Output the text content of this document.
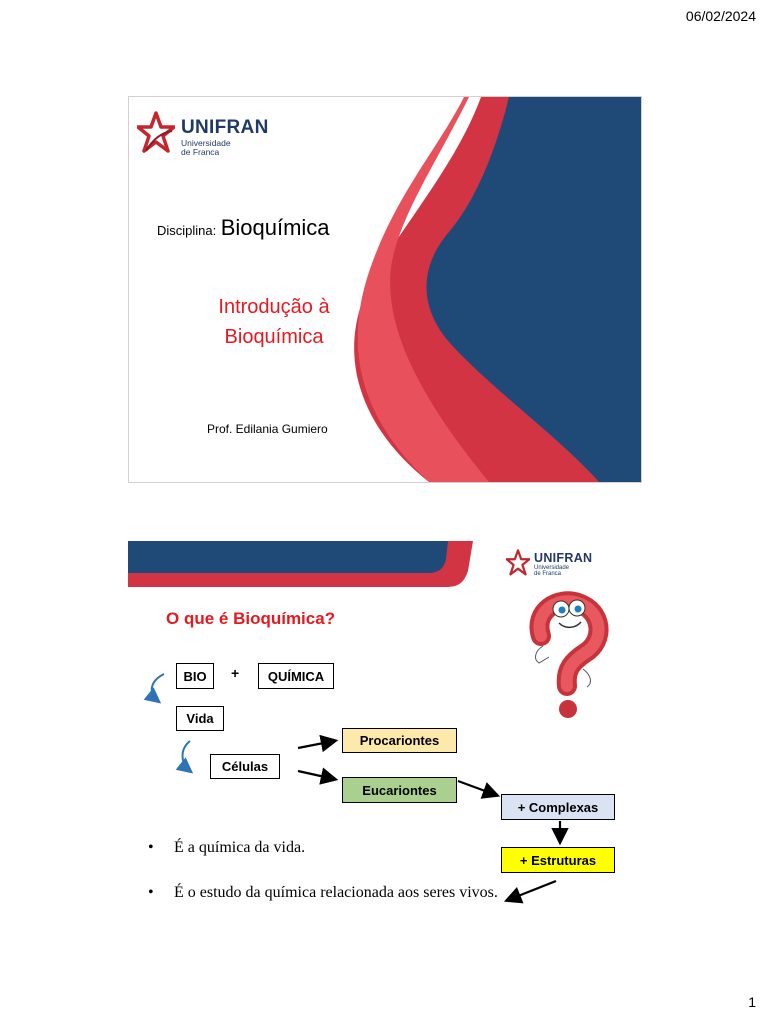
06/02/2024
UNIFRAN
Universidade
de Franca
Disciplina: Bioquímica
Introdução à
Bioquímica
Prof. Edilania Gumiero
UNIFRAN
Universidade
de Franca
O que é Bioquímica?
BIO	+	QUÍMICA
Vida
Células
Procariontes
Eucariontes
+ Complexas
+ Estruturas
• É a química da vida.
• É o estudo da química relacionada aos seres vivos.
1
